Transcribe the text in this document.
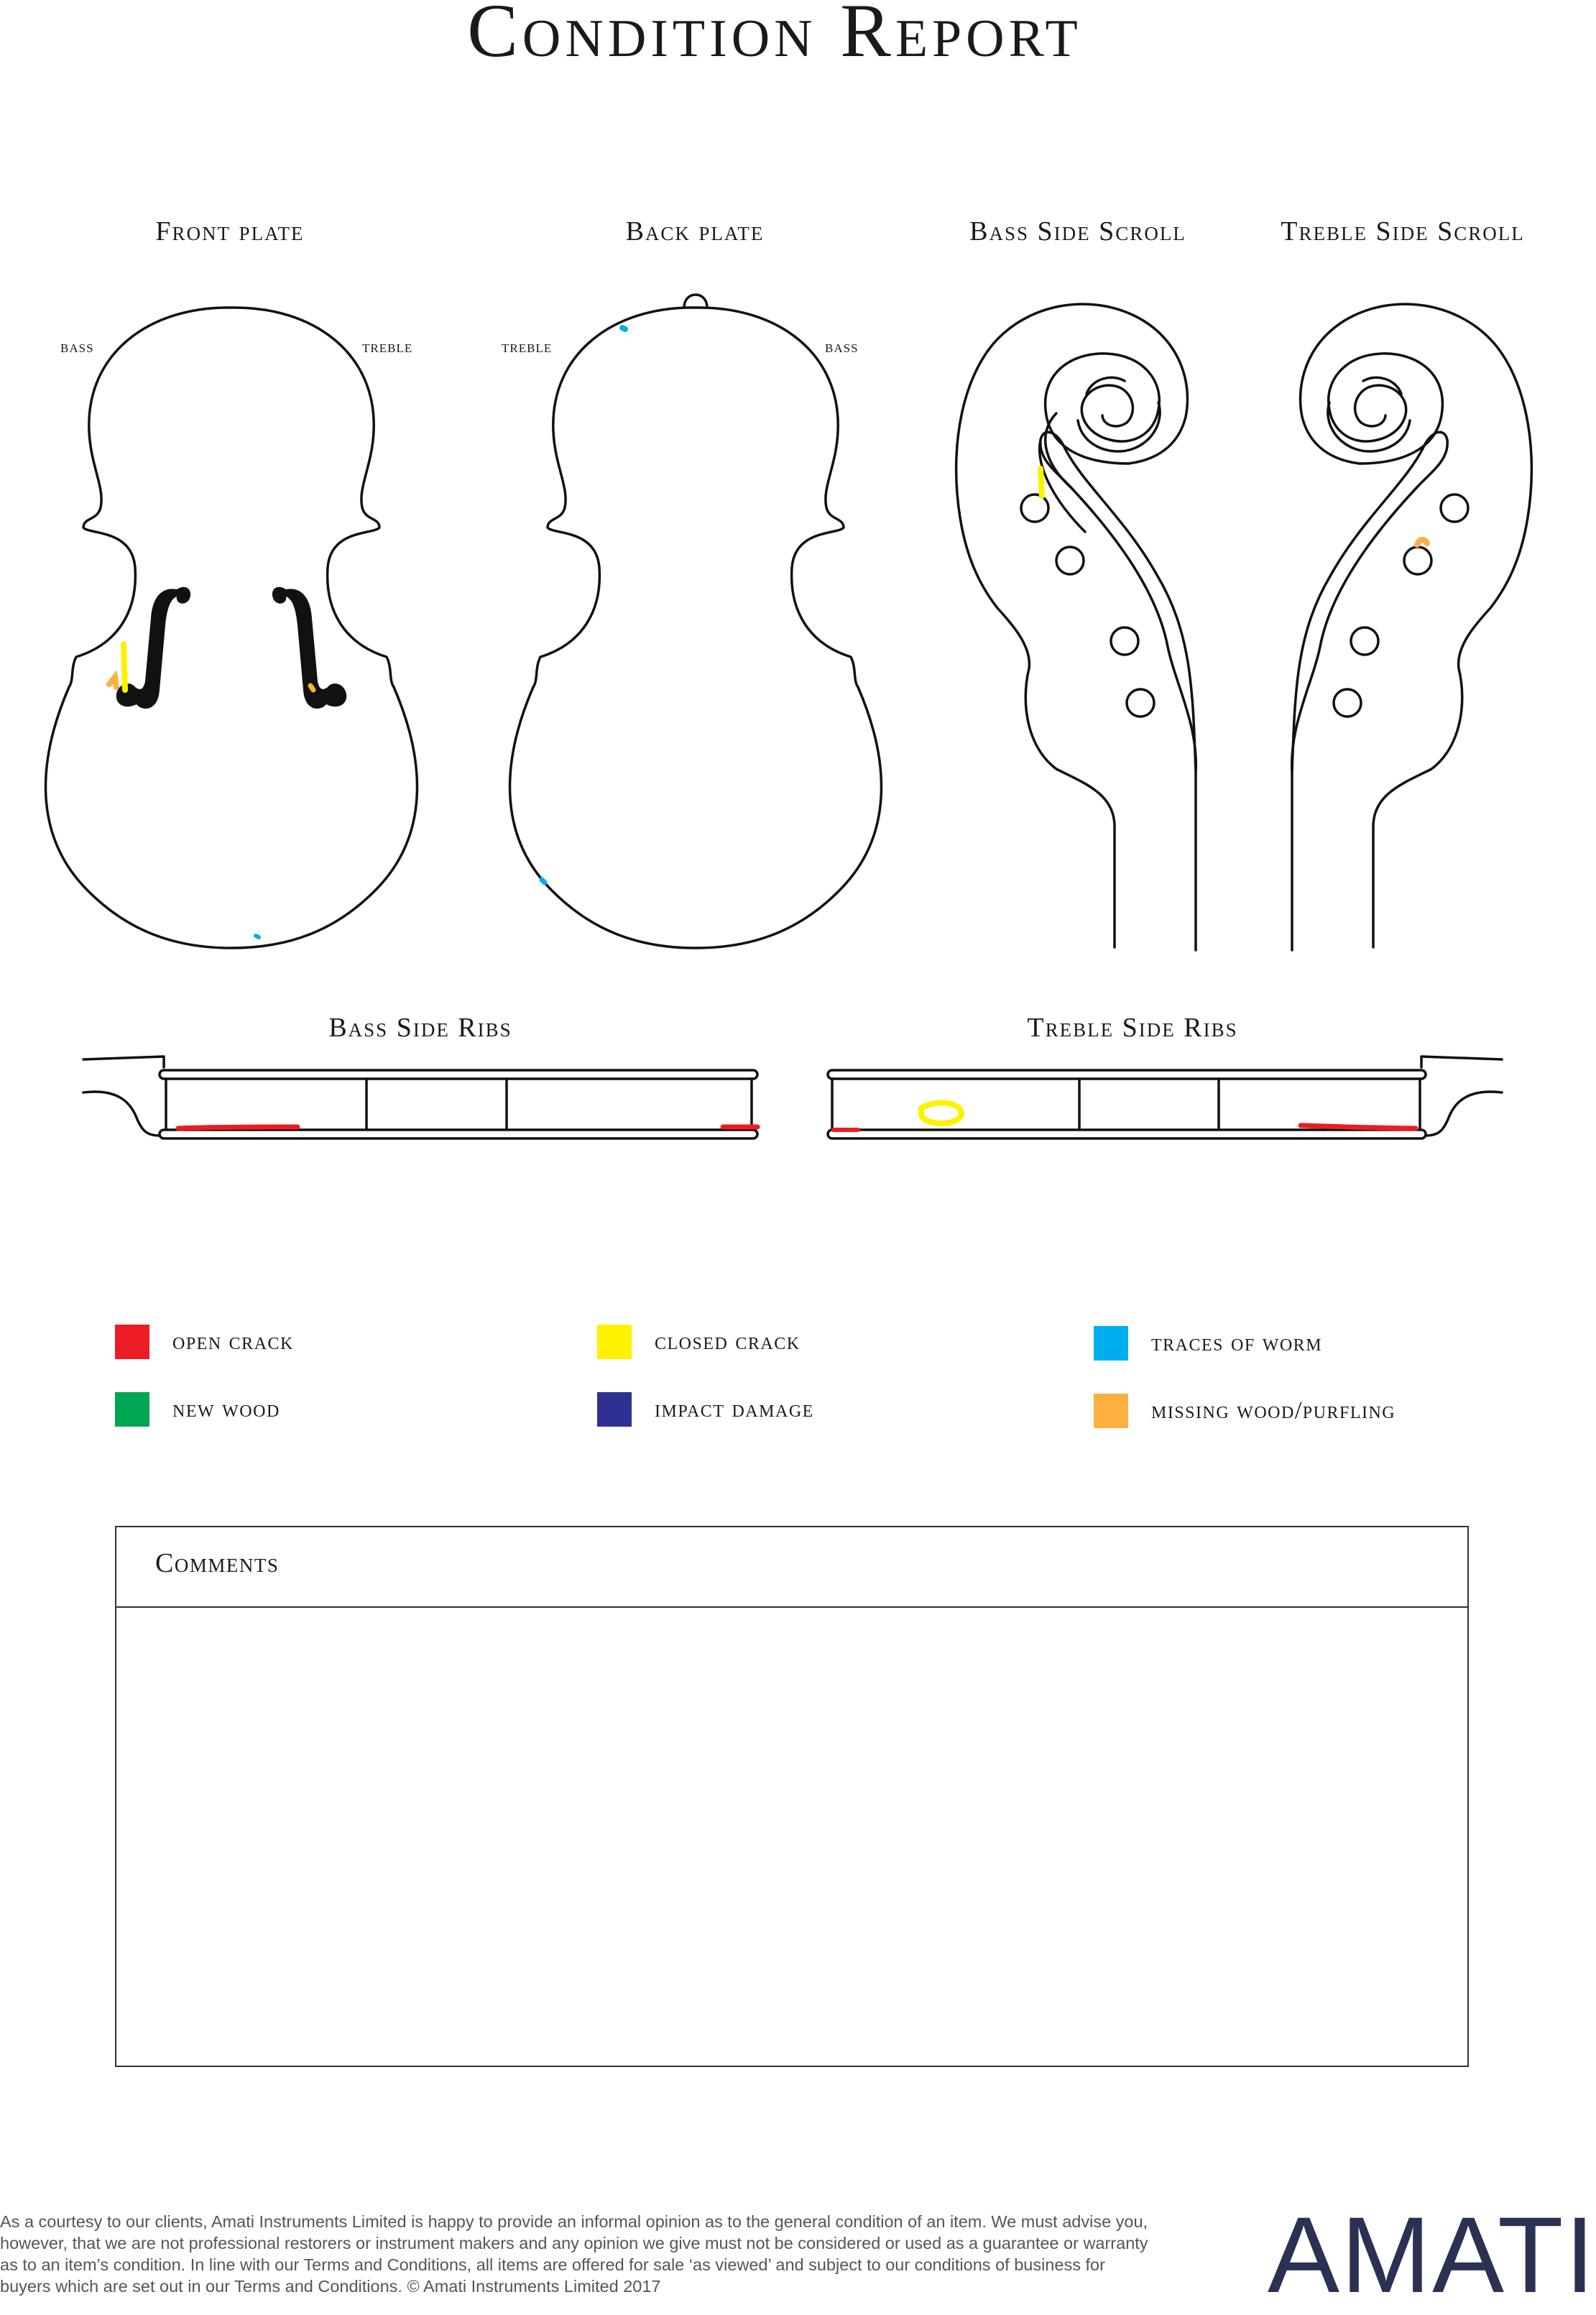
Condition Report
Front plate	Back plate	Bass Side Scroll	Treble Side Scroll
Bass Side Ribs	Treble Side Ribs
bass	treble	treble	bass
open crack	closed crack	traces of worm
new wood	impact damage	missing wood/purfling
Comments
As a courtesy to our clients, Amati Instruments Limited is happy to provide an informal opinion as to the general condition of an item. We must advise you, however, that we are not professional restorers or instrument makers and any opinion we give must not be considered or used as a guarantee or warranty as to an item’s condition. In line with our Terms and Conditions, all items are offered for sale ‘as viewed’ and subject to our conditions of business for buyers which are set out in our Terms and Conditions. © Amati Instruments Limited 2017	AMATI
